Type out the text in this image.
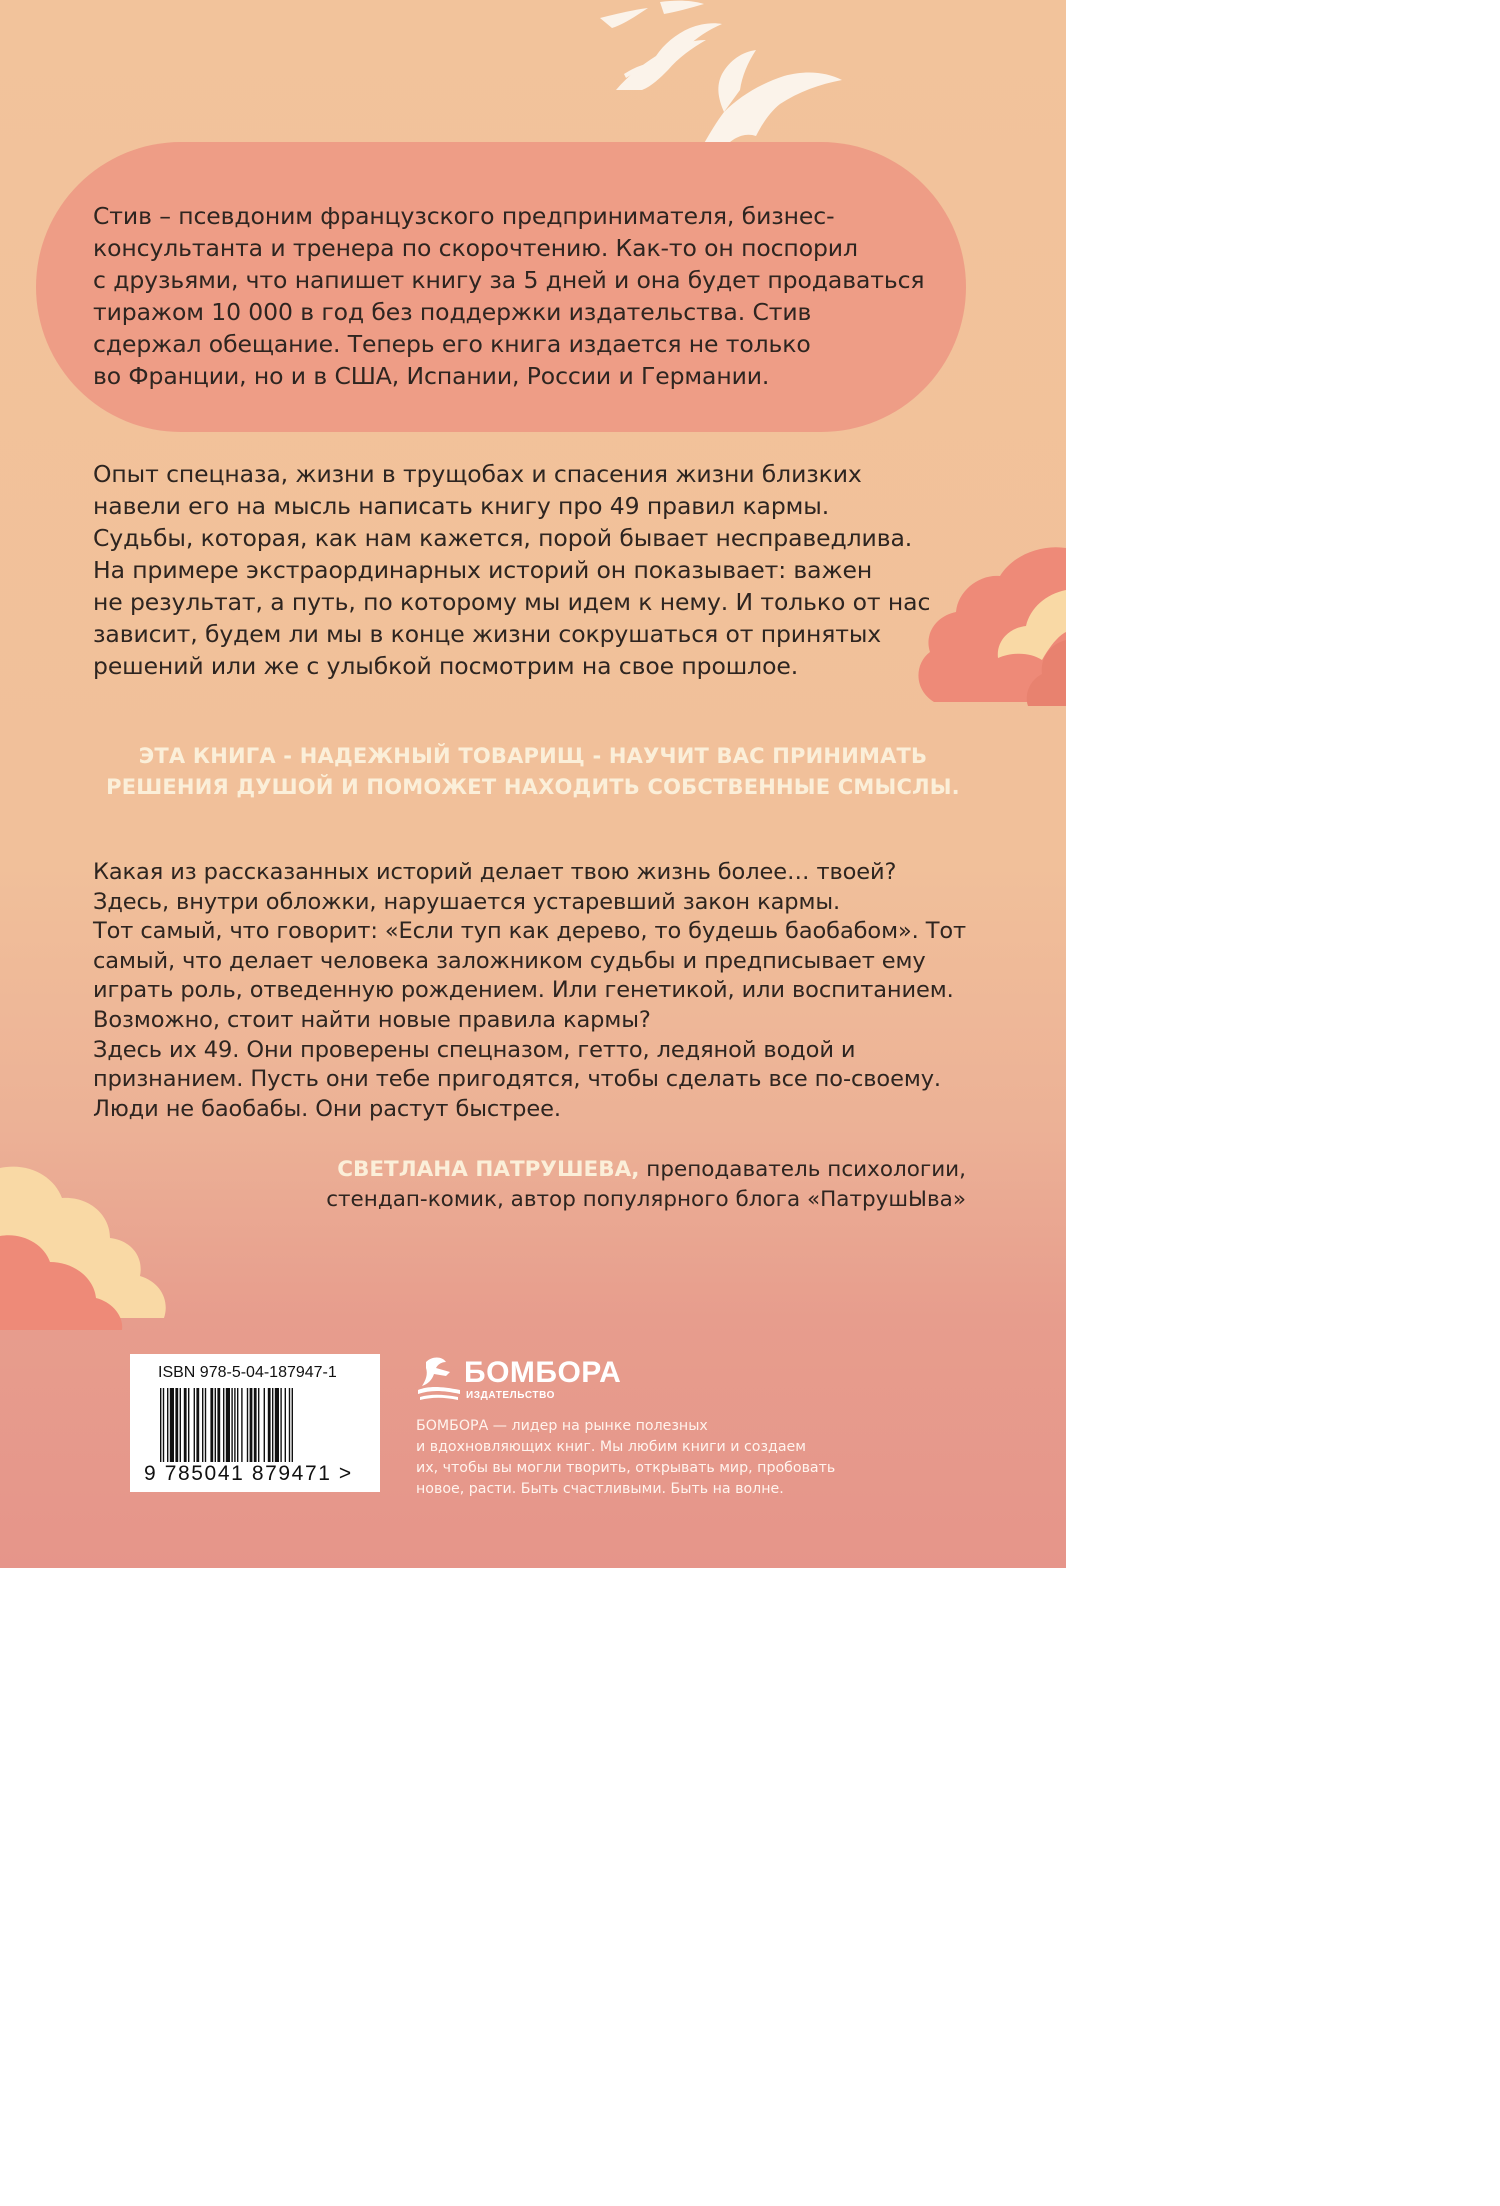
Стив – псевдоним французского предпринимателя, бизнес-
консультанта и тренера по скорочтению. Как-то он поспорил
с друзьями, что напишет книгу за 5 дней и она будет продаваться
тиражом 10 000 в год без поддержки издательства. Стив
сдержал обещание. Теперь его книга издается не только
во Франции, но и в США, Испании, России и Германии.

Опыт спецназа, жизни в трущобах и спасения жизни близких
навели его на мысль написать книгу про 49 правил кармы.
Судьбы, которая, как нам кажется, порой бывает несправедлива.
На примере экстраординарных историй он показывает: важен
не результат, а путь, по которому мы идем к нему. И только от нас
зависит, будем ли мы в конце жизни сокрушаться от принятых
решений или же с улыбкой посмотрим на свое прошлое.

ЭТА КНИГА - НАДЕЖНЫЙ ТОВАРИЩ - НАУЧИТ ВАС ПРИНИМАТЬ
РЕШЕНИЯ ДУШОЙ И ПОМОЖЕТ НАХОДИТЬ СОБСТВЕННЫЕ СМЫСЛЫ.

Какая из рассказанных историй делает твою жизнь более… твоей?
Здесь, внутри обложки, нарушается устаревший закон кармы.
Тот самый, что говорит: «Если туп как дерево, то будешь баобабом». Тот
самый, что делает человека заложником судьбы и предписывает ему
играть роль, отведенную рождением. Или генетикой, или воспитанием.
Возможно, стоит найти новые правила кармы?
Здесь их 49. Они проверены спецназом, гетто, ледяной водой и
признанием. Пусть они тебе пригодятся, чтобы сделать все по-своему.
Люди не баобабы. Они растут быстрее.

СВЕТЛАНА ПАТРУШЕВА, преподаватель психологии,
стендап-комик, автор популярного блога «ПатрушЫва»

ISBN 978-5-04-187947-1
9 785041 879471 >
БОМБОРА
ИЗДАТЕЛЬСТВО

БОМБОРА — лидер на рынке полезных
и вдохновляющих книг. Мы любим книги и создаем
их, чтобы вы могли творить, открывать мир, пробовать
новое, расти. Быть счастливыми. Быть на волне.
